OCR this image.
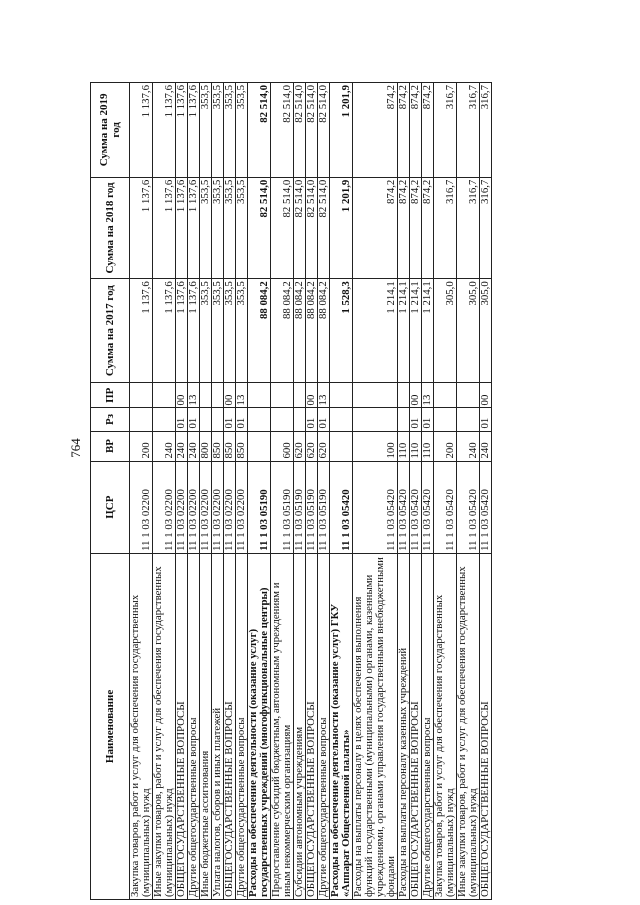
764
Наименование	ЦСР	ВР	Рз	ПР	Сумма на 2017 год	Сумма на 2018 год	Сумма на 2019 год
Закупка товаров, работ и услуг для обеспечения государственных (муниципальных) нужд	11 1 03 02200	200			1 137,6	1 137,6	1 137,6
Иные закупки товаров, работ и услуг для обеспечения государственных (муниципальных) нужд	11 1 03 02200	240			1 137,6	1 137,6	1 137,6
ОБЩЕГОСУДАРСТВЕННЫЕ ВОПРОСЫ	11 1 03 02200	240	01	00	1 137,6	1 137,6	1 137,6
Другие общегосударственные вопросы	11 1 03 02200	240	01	13	1 137,6	1 137,6	1 137,6
Иные бюджетные ассигнования	11 1 03 02200	800			353,5	353,5	353,5
Уплата налогов, сборов и иных платежей	11 1 03 02200	850			353,5	353,5	353,5
ОБЩЕГОСУДАРСТВЕННЫЕ ВОПРОСЫ	11 1 03 02200	850	01	00	353,5	353,5	353,5
Другие общегосударственные вопросы	11 1 03 02200	850	01	13	353,5	353,5	353,5
Расходы на обеспечение деятельности (оказание услуг) государственных учреждений (многофункциональные центры)	11 1 03 05190				88 084,2	82 514,0	82 514,0
Предоставление субсидий бюджетным, автономным учреждениям и иным некоммерческим организациям	11 1 03 05190	600			88 084,2	82 514,0	82 514,0
Субсидии автономным учреждениям	11 1 03 05190	620			88 084,2	82 514,0	82 514,0
ОБЩЕГОСУДАРСТВЕННЫЕ ВОПРОСЫ	11 1 03 05190	620	01	00	88 084,2	82 514,0	82 514,0
Другие общегосударственные вопросы	11 1 03 05190	620	01	13	88 084,2	82 514,0	82 514,0
Расходы на обеспечение деятельности (оказание услуг) ГКУ «Аппарат Общественной палаты»	11 1 03 05420				1 528,3	1 201,9	1 201,9
Расходы на выплаты персоналу в целях обеспечения выполнения функций государственными (муниципальными) органами, казенными учреждениями, органами управления государственными внебюджетными фондами	11 1 03 05420	100			1 214,1	874,2	874,2
Расходы на выплаты персоналу казенных учреждений	11 1 03 05420	110			1 214,1	874,2	874,2
ОБЩЕГОСУДАРСТВЕННЫЕ ВОПРОСЫ	11 1 03 05420	110	01	00	1 214,1	874,2	874,2
Другие общегосударственные вопросы	11 1 03 05420	110	01	13	1 214,1	874,2	874,2
Закупка товаров, работ и услуг для обеспечения государственных (муниципальных) нужд	11 1 03 05420	200			305,0	316,7	316,7
Иные закупки товаров, работ и услуг для обеспечения государственных (муниципальных) нужд	11 1 03 05420	240			305,0	316,7	316,7
ОБЩЕГОСУДАРСТВЕННЫЕ ВОПРОСЫ	11 1 03 05420	240	01	00	305,0	316,7	316,7
